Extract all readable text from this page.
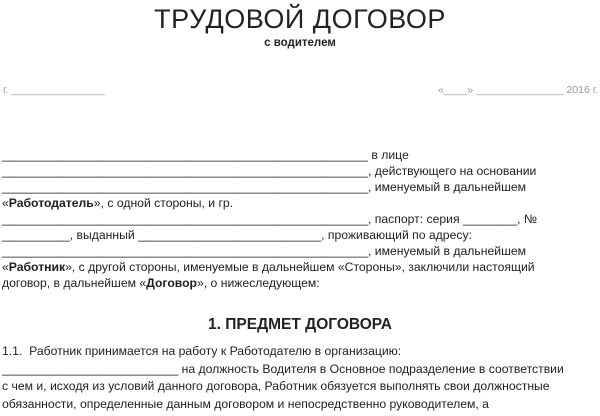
ТРУДОВОЙ ДОГОВОР
с водителем
г. ________________	«____» _______________ 2016 г.
______________________________________________________ в лице
______________________________________________________, действующего на основании
______________________________________________________, именуемый в дальнейшем
«Работодатель», с одной стороны, и гр.
______________________________________________________, паспорт: серия ________, №
__________, выданный ___________________________, проживающий по адресу:
______________________________________________________, именуемый в дальнейшем
«Работник», с другой стороны, именуемые в дальнейшем «Стороны», заключили настоящий
договор, в дальнейшем «Договор», о нижеследующем:
1. ПРЕДМЕТ ДОГОВОРА
1.1.  Работник принимается на работу к Работодателю в организацию:
__________________________ на должность Водителя в Основное подразделение в соответствии
с чем и, исходя из условий данного договора, Работник обязуется выполнять свои должностные
обязанности, определенные данным договором и непосредственно руководителем, а
